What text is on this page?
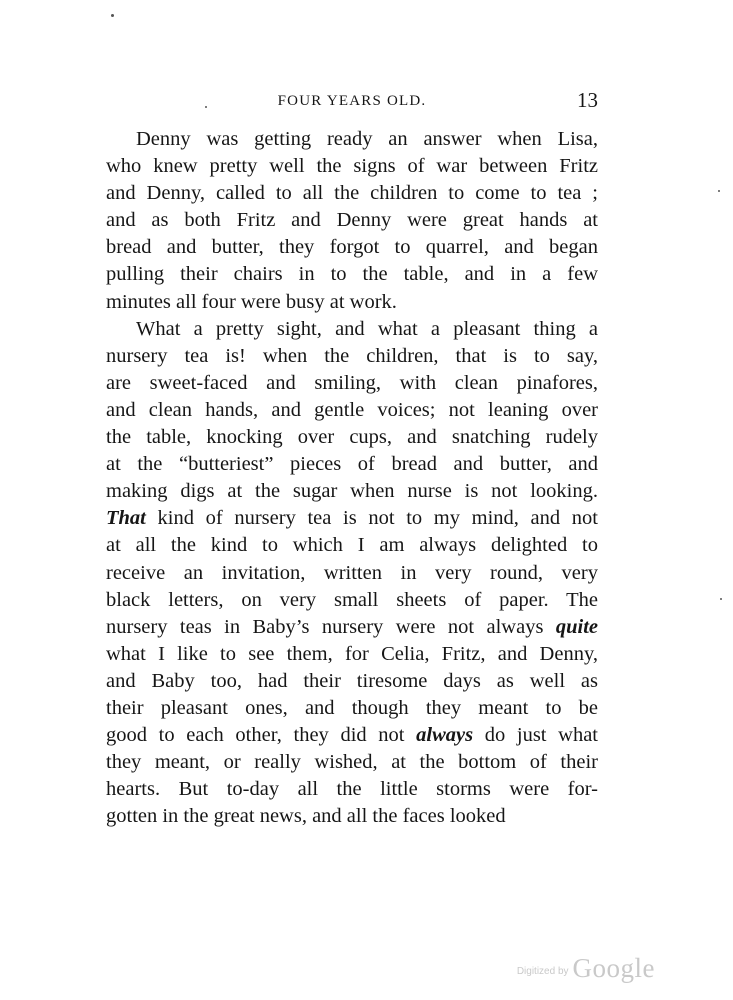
FOUR YEARS OLD.	13
Denny was getting ready an answer when Lisa,
who knew pretty well the signs of war between Fritz
and Denny, called to all the children to come to tea ;
and as both Fritz and Denny were great hands at
bread and butter, they forgot to quarrel, and began
pulling their chairs in to the table, and in a few
minutes all four were busy at work.
What a pretty sight, and what a pleasant thing a
nursery tea is! when the children, that is to say,
are sweet-faced and smiling, with clean pinafores,
and clean hands, and gentle voices; not leaning over
the table, knocking over cups, and snatching rudely
at the “butteriest” pieces of bread and butter, and
making digs at the sugar when nurse is not looking.
That kind of nursery tea is not to my mind, and not
at all the kind to which I am always delighted to
receive an invitation, written in very round, very
black letters, on very small sheets of paper. The
nursery teas in Baby’s nursery were not always quite
what I like to see them, for Celia, Fritz, and Denny,
and Baby too, had their tiresome days as well as
their pleasant ones, and though they meant to be
good to each other, they did not always do just what
they meant, or really wished, at the bottom of their
hearts. But to-day all the little storms were for-
gotten in the great news, and all the faces looked
Digitized by Google
